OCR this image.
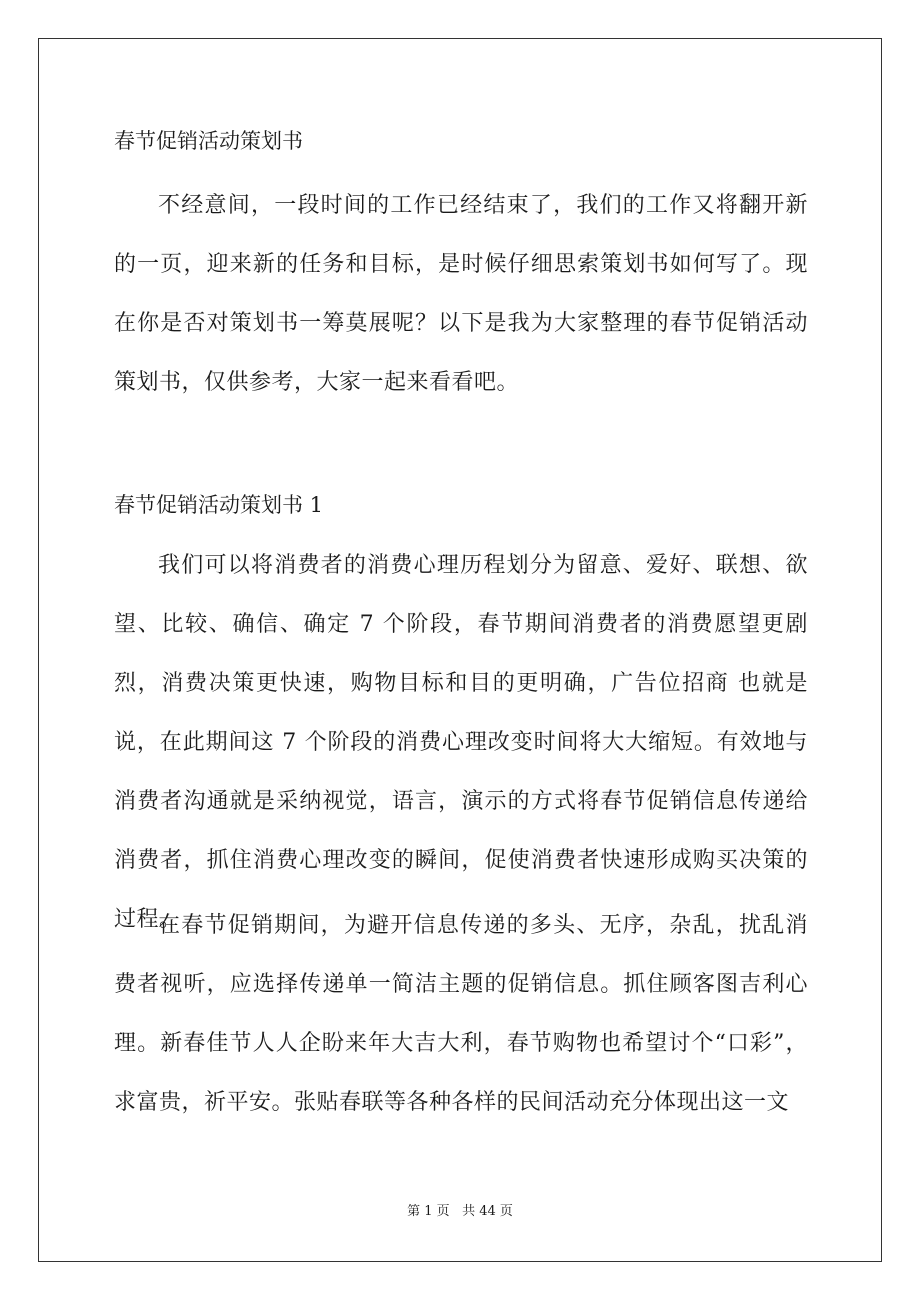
春节促销活动策划书

不经意间，一段时间的工作已经结束了，我们的工作又将翻开新的一页，迎来新的任务和目标，是时候仔细思索策划书如何写了。现在你是否对策划书一筹莫展呢？以下是我为大家整理的春节促销活动策划书，仅供参考，大家一起来看看吧。

春节促销活动策划书 1

我们可以将消费者的消费心理历程划分为留意、爱好、联想、欲望、比较、确信、确定 7 个阶段，春节期间消费者的消费愿望更剧烈，消费决策更快速，购物目标和目的更明确，广告位招商 也就是说，在此期间这 7 个阶段的消费心理改变时间将大大缩短。有效地与消费者沟通就是采纳视觉，语言，演示的方式将春节促销信息传递给消费者，抓住消费心理改变的瞬间，促使消费者快速形成购买决策的过程。

在春节促销期间，为避开信息传递的多头、无序，杂乱，扰乱消费者视听，应选择传递单一简洁主题的促销信息。抓住顾客图吉利心理。新春佳节人人企盼来年大吉大利，春节购物也希望讨个“口彩”，求富贵，祈平安。张贴春联等各种各样的民间活动充分体现出这一文

第 1 页 共 44 页
